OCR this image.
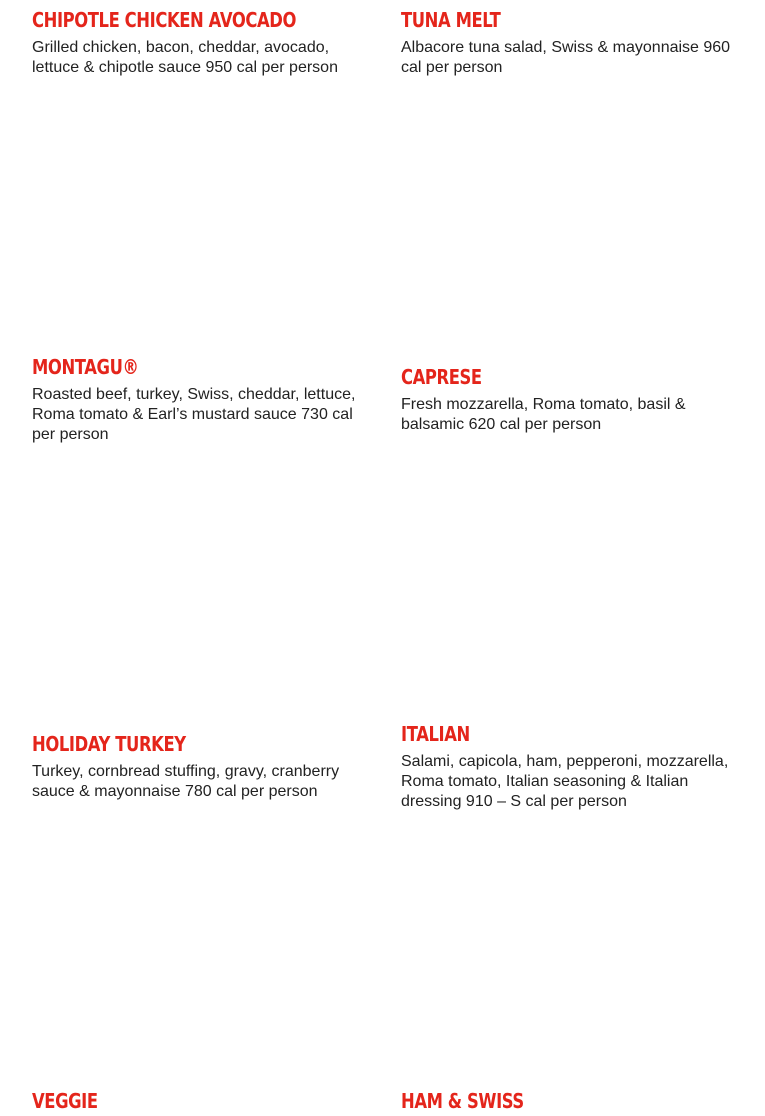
CHIPOTLE CHICKEN AVOCADO

Grilled chicken, bacon, cheddar, avocado, lettuce & chipotle sauce 950 cal per person

TUNA MELT

Albacore tuna salad, Swiss & mayonnaise 960 cal per person

MONTAGU®

Roasted beef, turkey, Swiss, cheddar, lettuce, Roma tomato & Earl’s mustard sauce 730 cal per person

CAPRESE

Fresh mozzarella, Roma tomato, basil & balsamic 620 cal per person

HOLIDAY TURKEY

Turkey, cornbread stuffing, gravy, cranberry sauce & mayonnaise 780 cal per person

ITALIAN

Salami, capicola, ham, pepperoni, mozzarella, Roma tomato, Italian seasoning & Italian dressing 910 – S cal per person

VEGGIE	HAM & SWISS
